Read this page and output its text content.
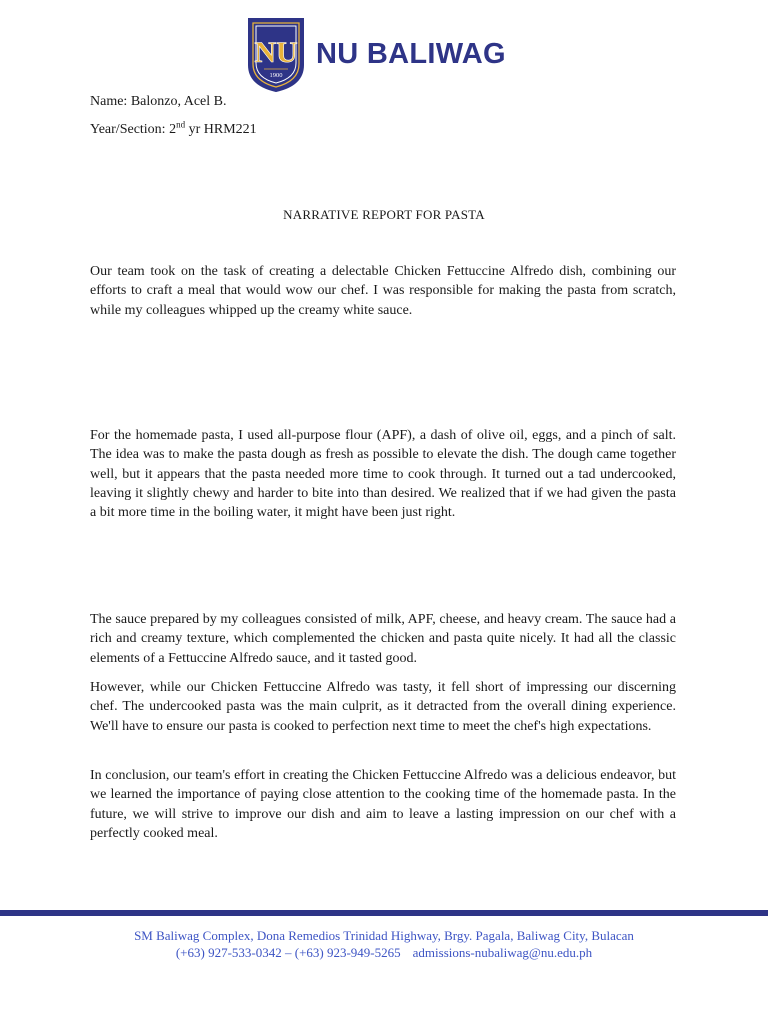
NU
1900
NU BALIWAG
Name: Balonzo, Acel B.
Year/Section: 2nd yr HRM221
NARRATIVE REPORT FOR PASTA

Our team took on the task of creating a delectable Chicken Fettuccine Alfredo dish, combining our efforts to craft a meal that would wow our chef. I was responsible for making the pasta from scratch, while my colleagues whipped up the creamy white sauce.

For the homemade pasta, I used all-purpose flour (APF), a dash of olive oil, eggs, and a pinch of salt. The idea was to make the pasta dough as fresh as possible to elevate the dish. The dough came together well, but it appears that the pasta needed more time to cook through. It turned out a tad undercooked, leaving it slightly chewy and harder to bite into than desired. We realized that if we had given the pasta a bit more time in the boiling water, it might have been just right.

The sauce prepared by my colleagues consisted of milk, APF, cheese, and heavy cream. The sauce had a rich and creamy texture, which complemented the chicken and pasta quite nicely. It had all the classic elements of a Fettuccine Alfredo sauce, and it tasted good.

However, while our Chicken Fettuccine Alfredo was tasty, it fell short of impressing our discerning chef. The undercooked pasta was the main culprit, as it detracted from the overall dining experience. We'll have to ensure our pasta is cooked to perfection next time to meet the chef's high expectations.

In conclusion, our team's effort in creating the Chicken Fettuccine Alfredo was a delicious endeavor, but we learned the importance of paying close attention to the cooking time of the homemade pasta. In the future, we will strive to improve our dish and aim to leave a lasting impression on our chef with a perfectly cooked meal.

SM Baliwag Complex, Dona Remedios Trinidad Highway, Brgy. Pagala, Baliwag City, Bulacan
(+63) 927-533-0342 – (+63) 923-949-5265 admissions-nubaliwag@nu.edu.ph
